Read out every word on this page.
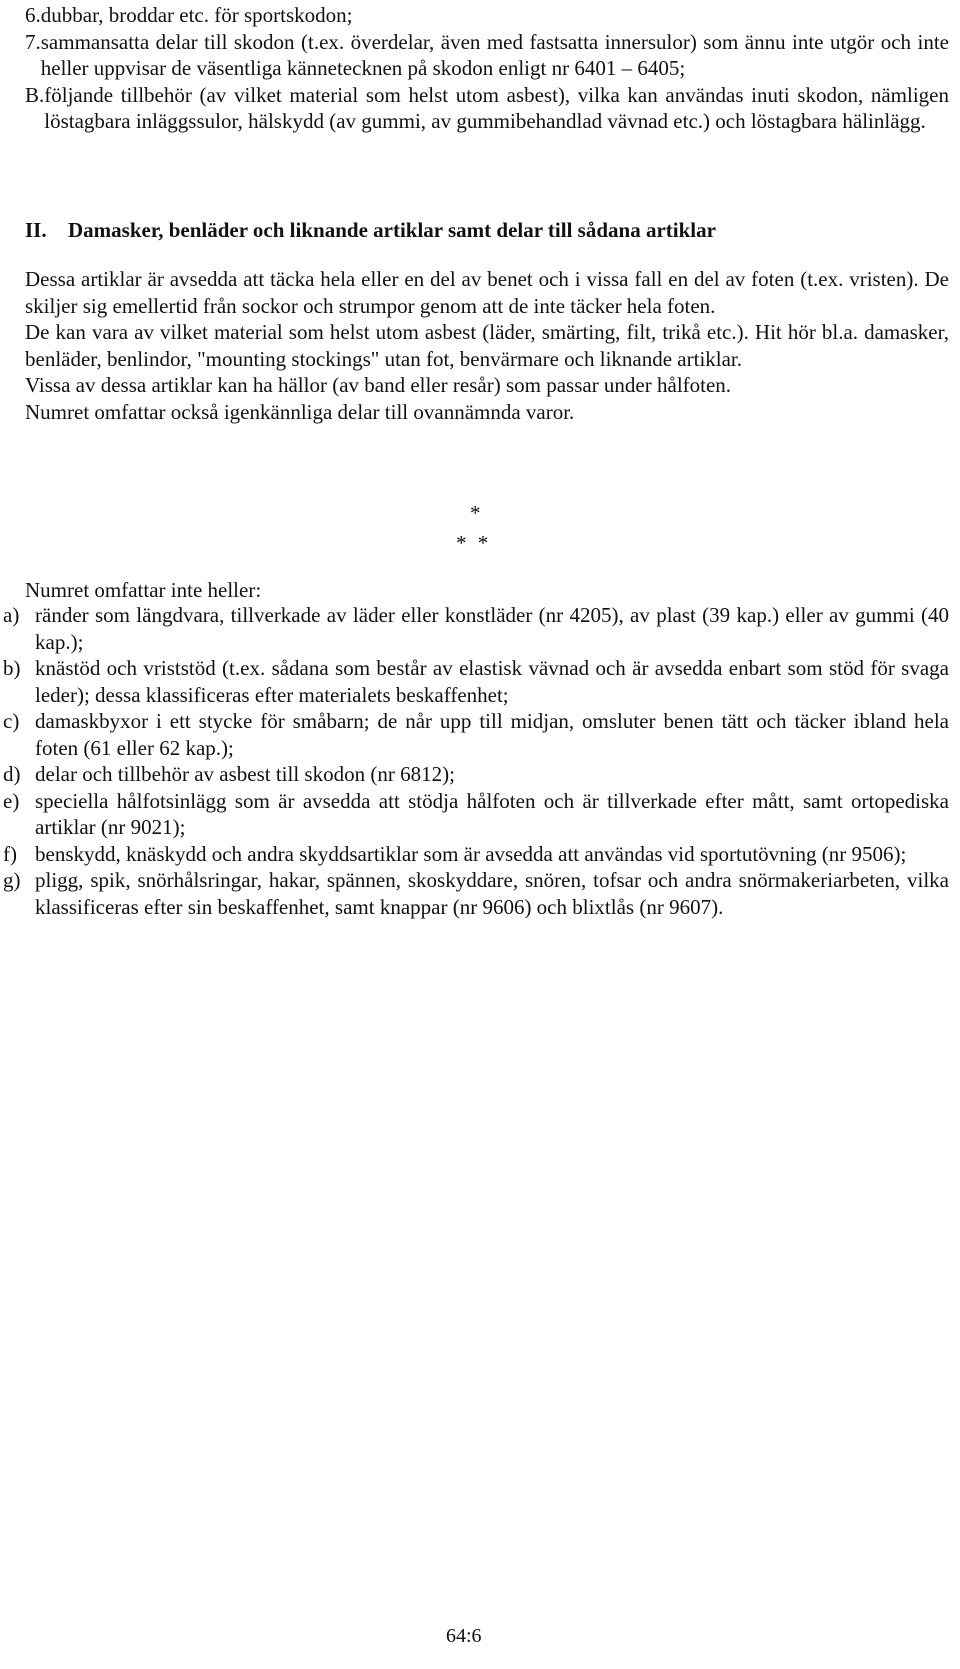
6. dubbar, broddar etc. för sportskodon;
7. sammansatta delar till skodon (t.ex. överdelar, även med fastsatta innersulor) som ännu inte utgör och inte heller uppvisar de väsentliga kännetecknen på skodon enligt nr 6401 – 6405;
B. följande tillbehör (av vilket material som helst utom asbest), vilka kan användas inuti skodon, nämligen löstagbara inläggssulor, hälskydd (av gummi, av gummibehandlad vävnad etc.) och löstagbara hälinlägg.
II.	Damasker, benläder och liknande artiklar samt delar till sådana artiklar

Dessa artiklar är avsedda att täcka hela eller en del av benet och i vissa fall en del av foten (t.ex. vristen). De skiljer sig emellertid från sockor och strumpor genom att de inte täcker hela foten.

De kan vara av vilket material som helst utom asbest (läder, smärting, filt, trikå etc.). Hit hör bl.a. damasker, benläder, benlindor, "mounting stockings" utan fot, benvärmare och liknande artiklar.

Vissa av dessa artiklar kan ha hällor (av band eller resår) som passar under hålfoten.

Numret omfattar också igenkännliga delar till ovannämnda varor.

*
* *
Numret omfattar inte heller:
a) ränder som längdvara, tillverkade av läder eller konstläder (nr 4205), av plast (39 kap.) eller av gummi (40 kap.);
b) knästöd och vriststöd (t.ex. sådana som består av elastisk vävnad och är avsedda enbart som stöd för svaga leder); dessa klassificeras efter materialets beskaffenhet;
c) damaskbyxor i ett stycke för småbarn; de når upp till midjan, omsluter benen tätt och täcker ibland hela foten (61 eller 62 kap.);
d) delar och tillbehör av asbest till skodon (nr 6812);
e) speciella hålfotsinlägg som är avsedda att stödja hålfoten och är tillverkade efter mått, samt ortopediska artiklar (nr 9021);
f) benskydd, knäskydd och andra skyddsartiklar som är avsedda att användas vid sportutövning (nr 9506);
g) pligg, spik, snörhålsringar, hakar, spännen, skoskyddare, snören, tofsar och andra snörmakeriarbeten, vilka klassificeras efter sin beskaffenhet, samt knappar (nr 9606) och blixtlås (nr 9607).
64:6
